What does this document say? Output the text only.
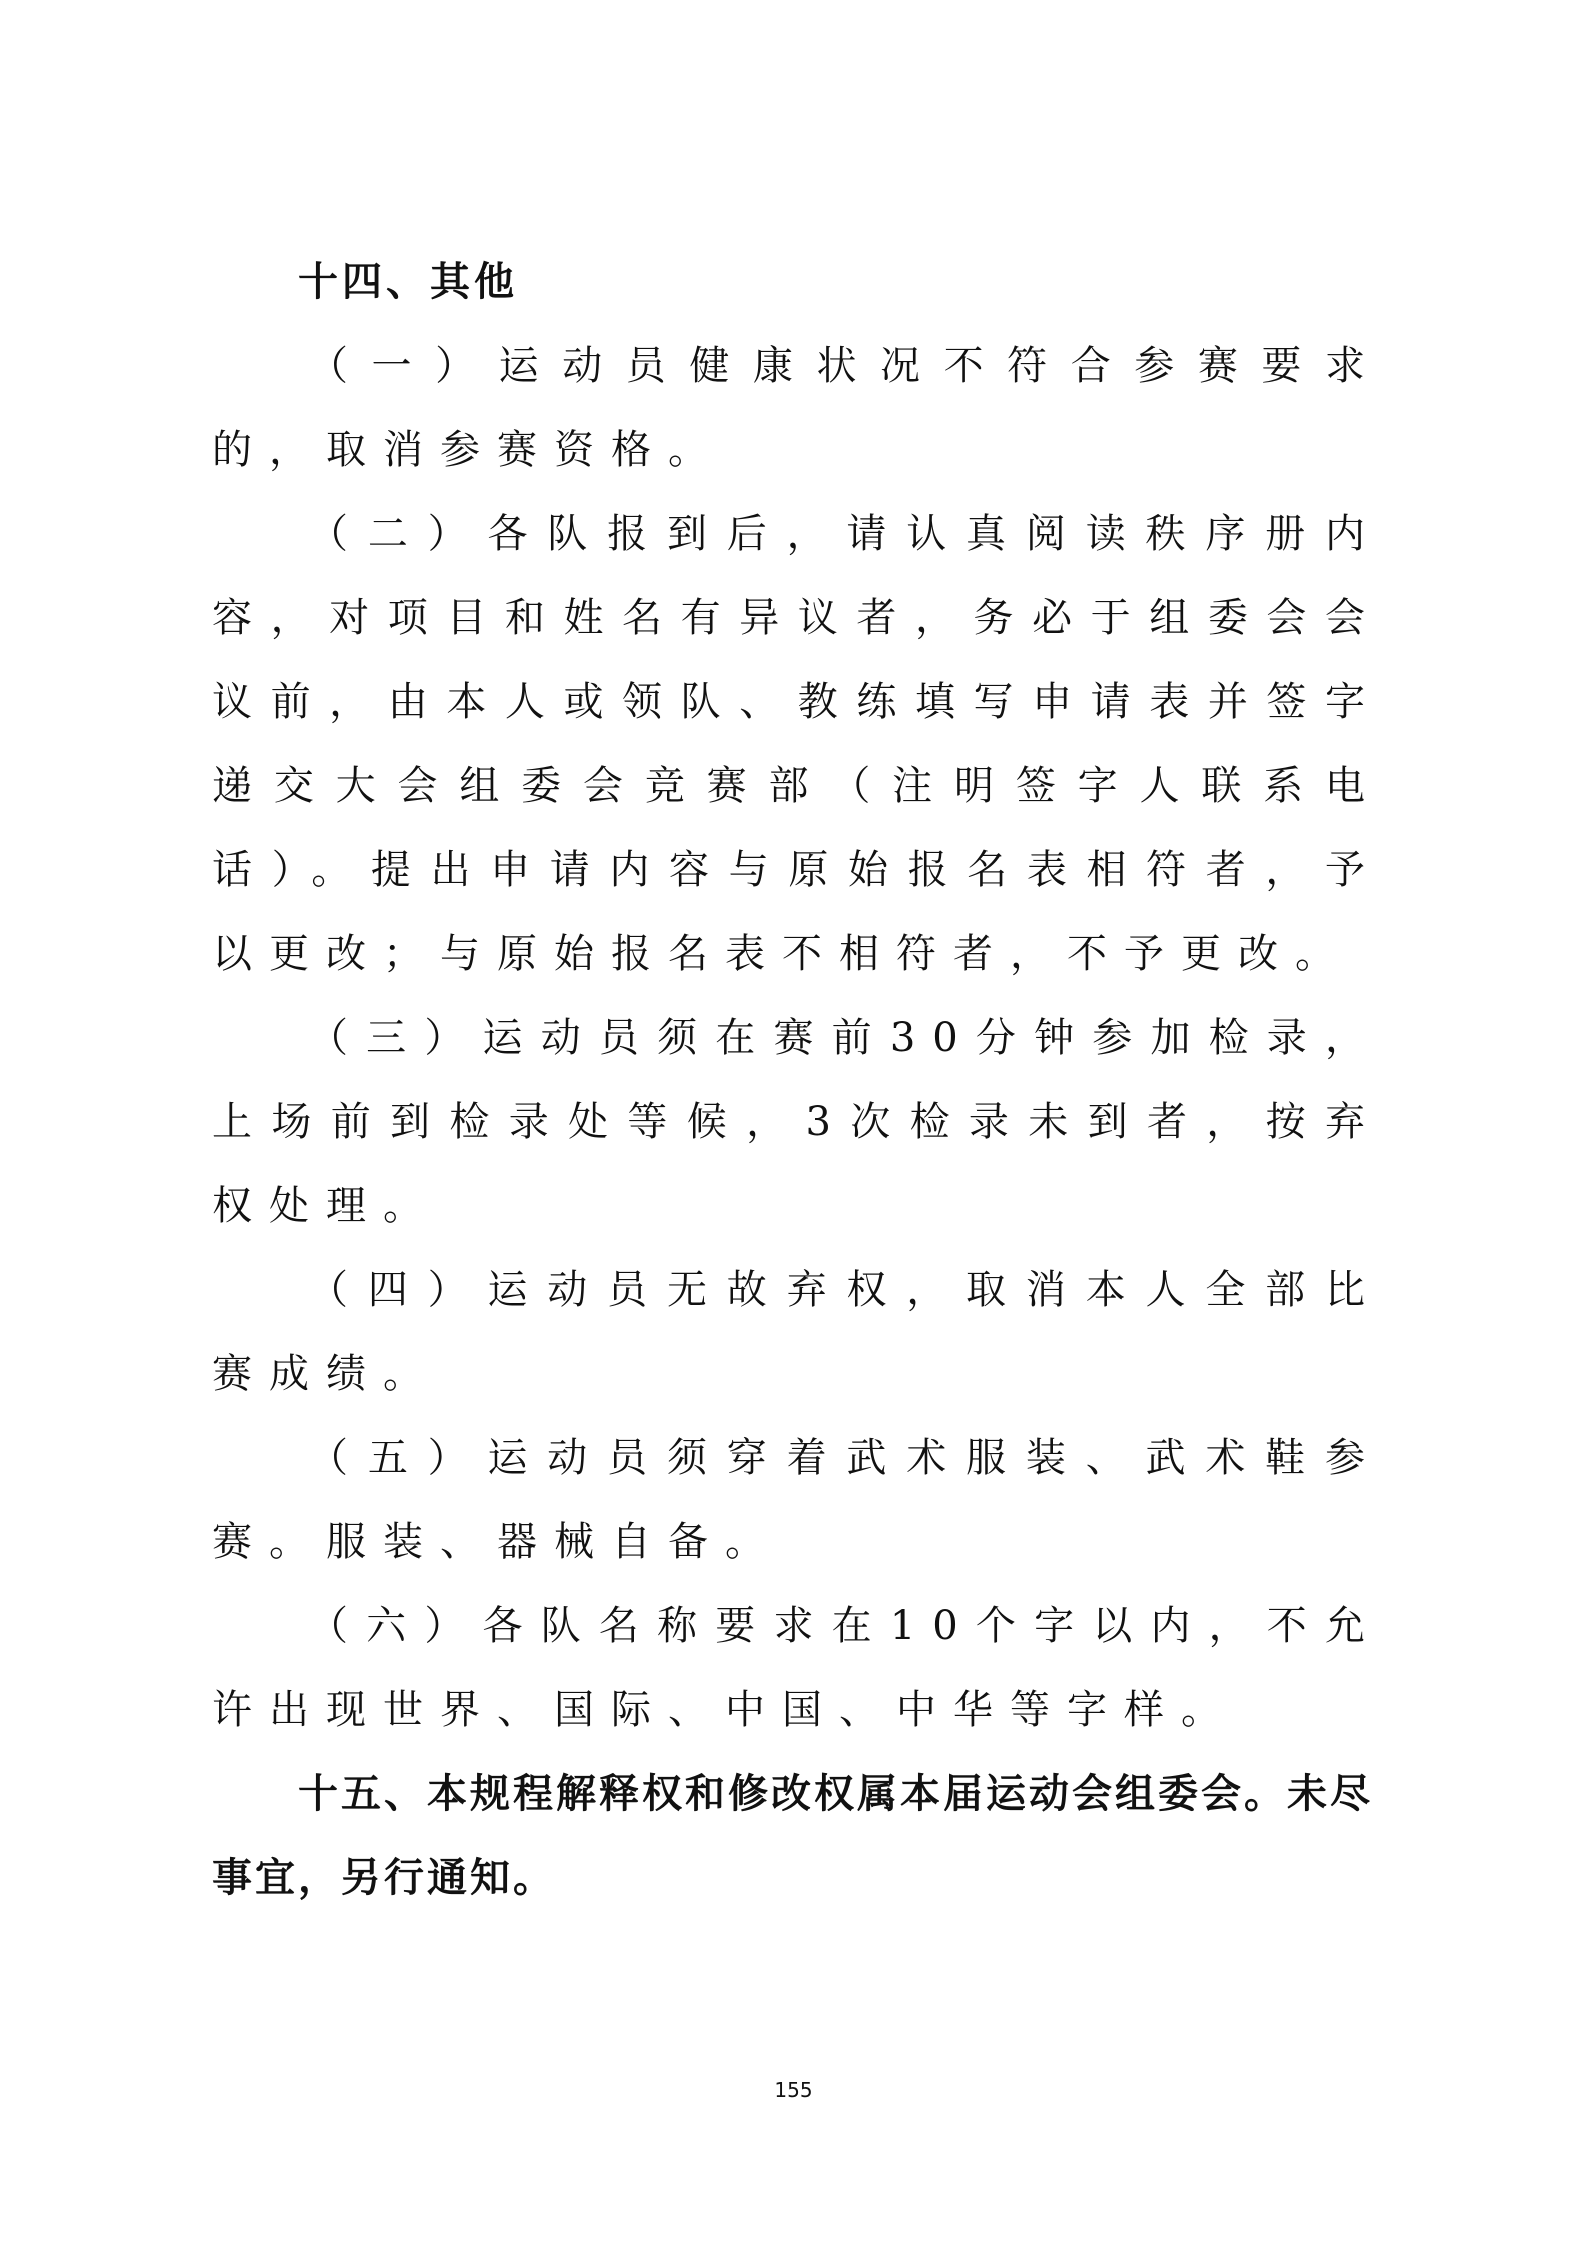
十四、其他

（一）运动员健康状况不符合参赛要求的，取消参赛资格。

（二）各队报到后，请认真阅读秩序册内容，对项目和姓名有异议者，务必于组委会会议前，由本人或领队、教练填写申请表并签字递交大会组委会竞赛部（注明签字人联系电话）。提出申请内容与原始报名表相符者，予以更改；与原始报名表不相符者，不予更改。

（三）运动员须在赛前30分钟参加检录，上场前到检录处等候，3次检录未到者，按弃权处理。

（四）运动员无故弃权，取消本人全部比赛成绩。

（五）运动员须穿着武术服装、武术鞋参赛。服装、器械自备。

（六）各队名称要求在10个字以内，不允许出现世界、国际、中国、中华等字样。

十五、本规程解释权和修改权属本届运动会组委会。未尽事宜，另行通知。
155
